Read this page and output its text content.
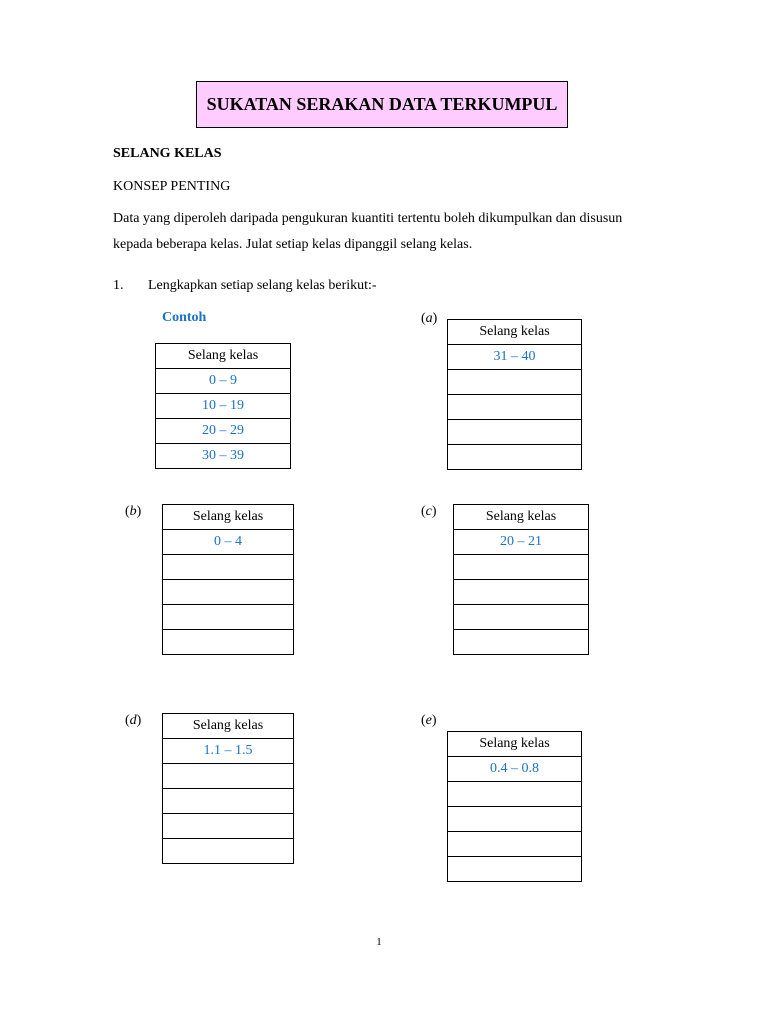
SUKATAN SERAKAN DATA TERKUMPUL
SELANG KELAS
KONSEP PENTING
Data yang diperoleh daripada pengukuran kuantiti tertentu boleh dikumpulkan dan disusun
kepada beberapa kelas. Julat setiap kelas dipanggil selang kelas.
1. Lengkapkan setiap selang kelas berikut:-
Contoh
Selang kelas
0 – 9
10 – 19
20 – 29
30 – 39
(a)
Selang kelas
31 – 40

(b)	Selang kelas
0 – 4

(c)	Selang kelas
20 – 21

(d)	Selang kelas
1.1 – 1.5

(e)
Selang kelas
0.4 – 0.8

1
